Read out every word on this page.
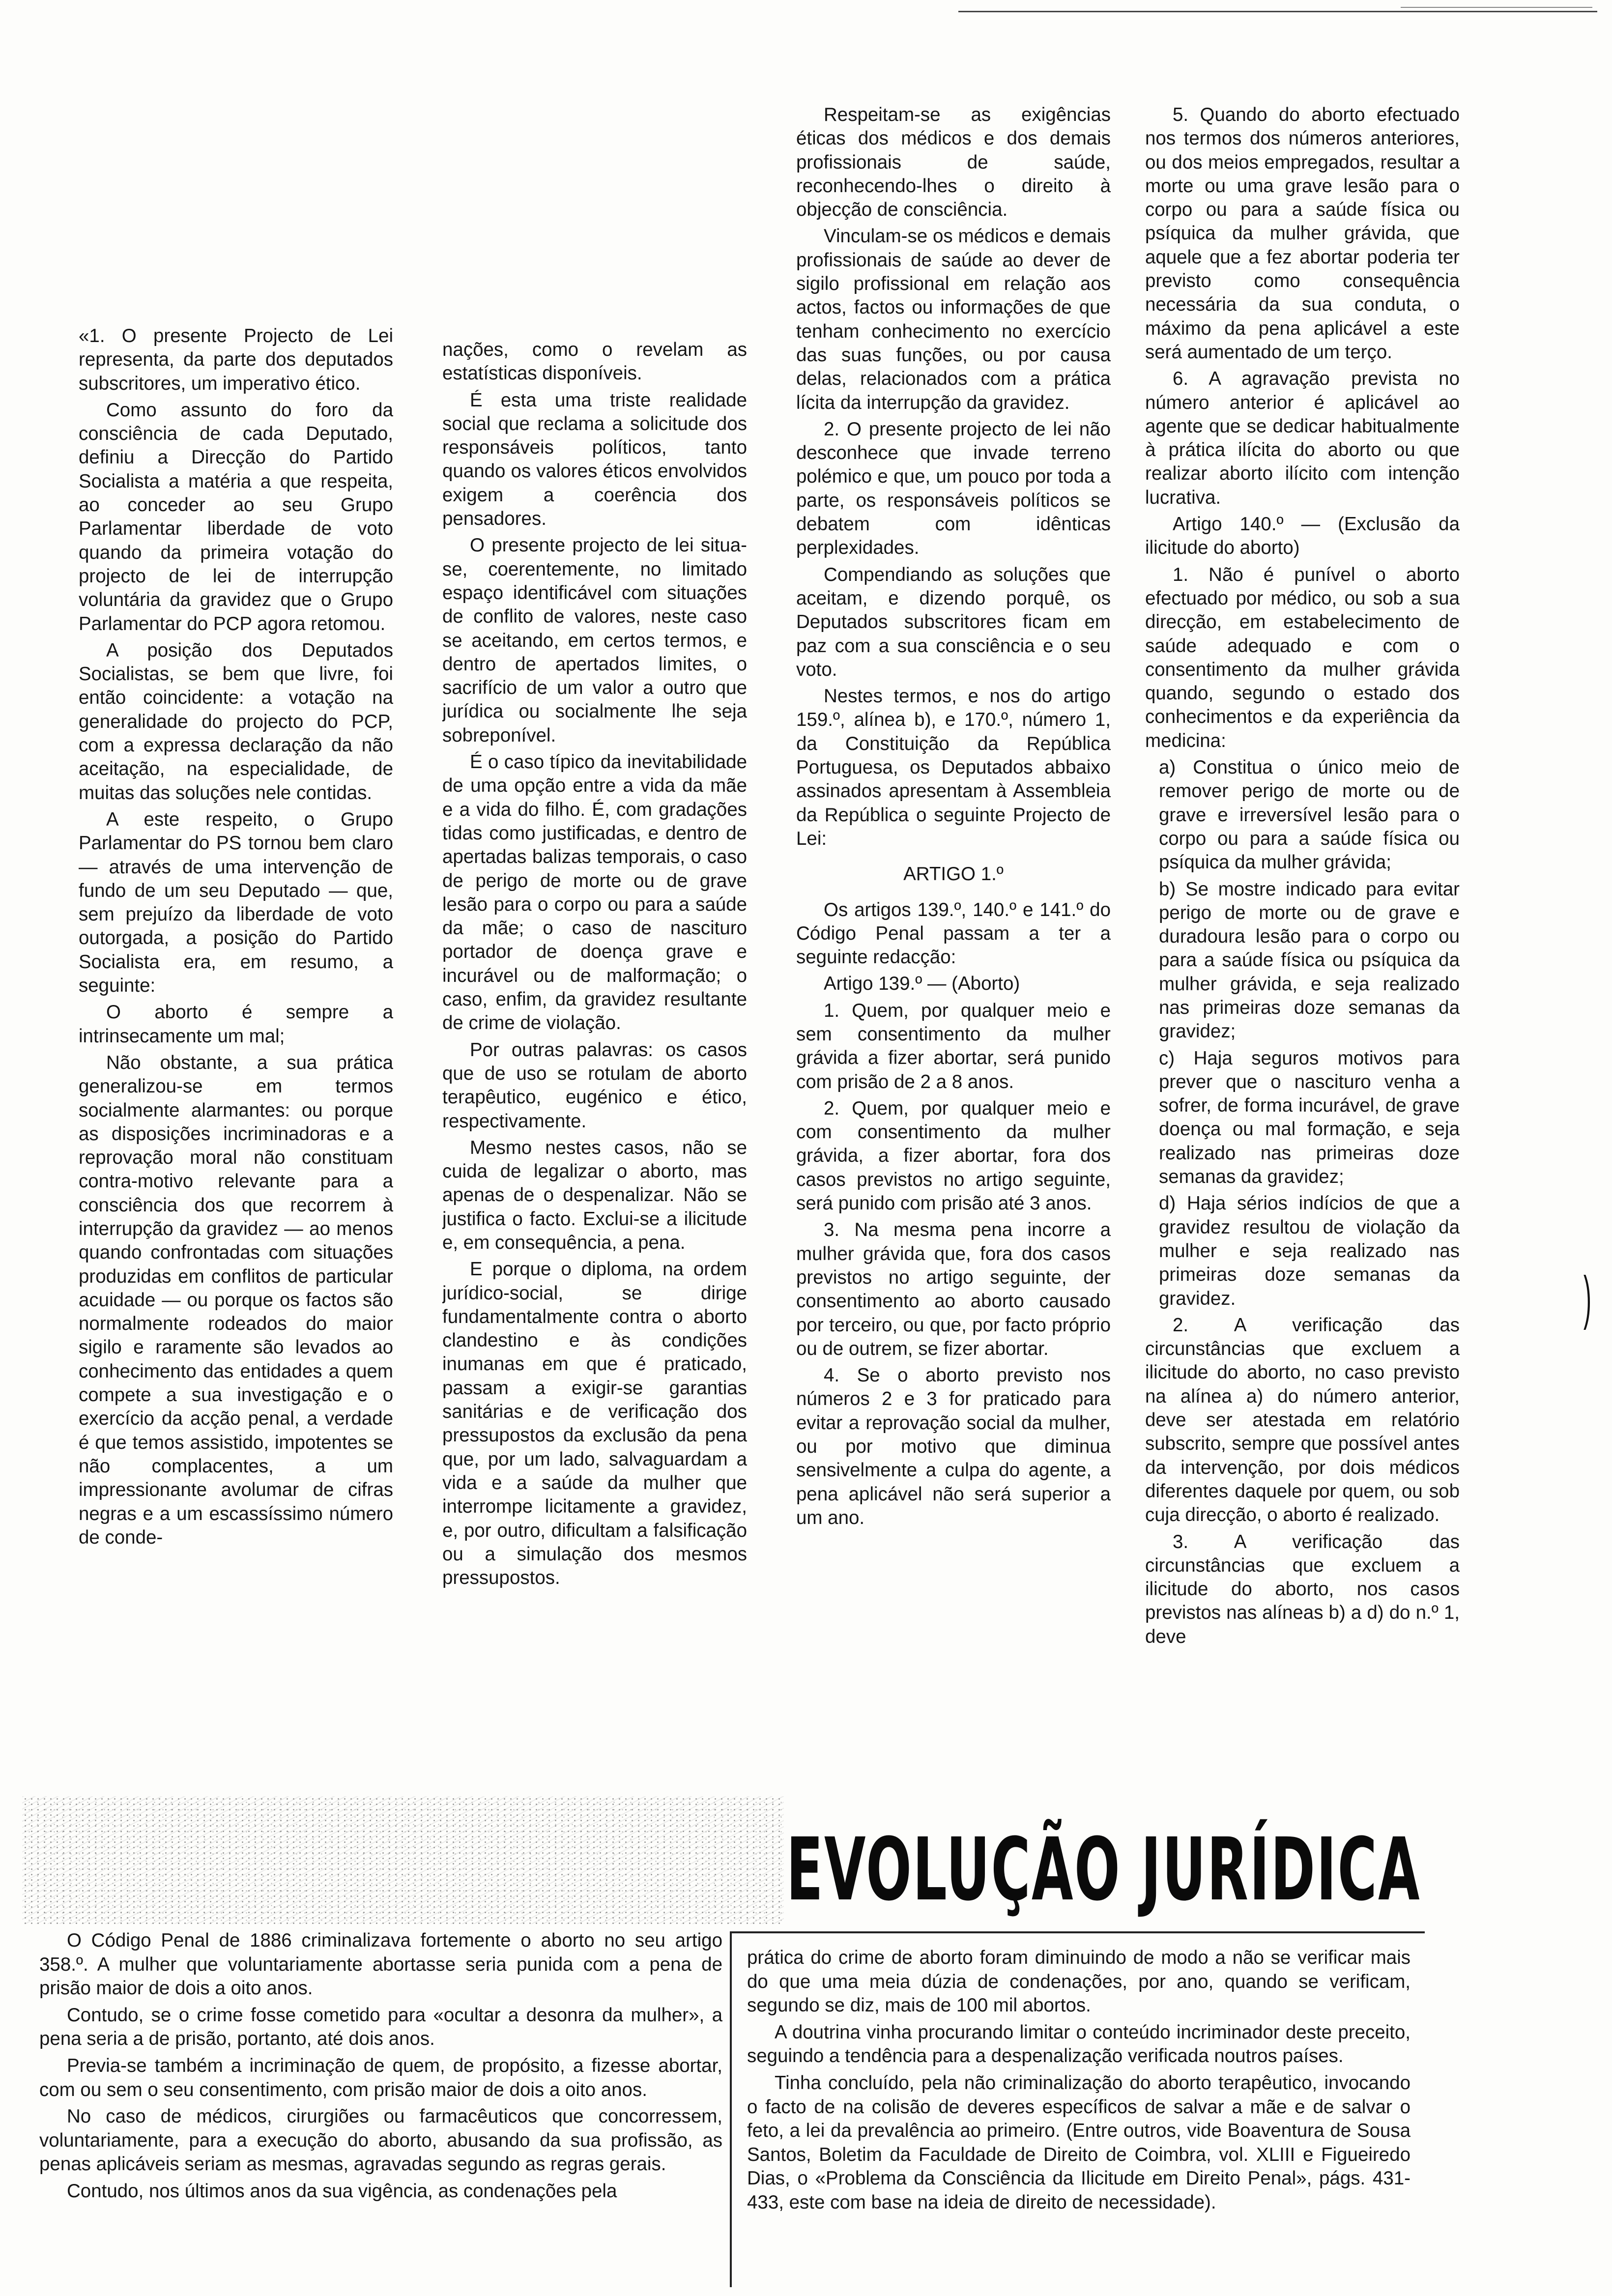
«1. O presente Projecto de Lei representa, da parte dos deputados subscritores, um imperativo ético.

Como assunto do foro da consciência de cada Deputado, definiu a Direcção do Partido Socialista a matéria a que respeita, ao conceder ao seu Grupo Parlamentar liberdade de voto quando da primeira votação do projecto de lei de interrupção voluntária da gravidez que o Grupo Parlamentar do PCP agora retomou.

A posição dos Deputados Socialistas, se bem que livre, foi então coincidente: a votação na generalidade do projecto do PCP, com a expressa declaração da não aceitação, na especialidade, de muitas das soluções nele contidas.

A este respeito, o Grupo Parlamentar do PS tornou bem claro — através de uma intervenção de fundo de um seu Deputado — que, sem prejuízo da liberdade de voto outorgada, a posição do Partido Socialista era, em resumo, a seguinte:

O aborto é sempre a intrinsecamente um mal;

Não obstante, a sua prática generalizou-se em termos socialmente alarmantes: ou porque as disposições incriminadoras e a reprovação moral não constituam contra-motivo relevante para a consciência dos que recorrem à interrupção da gravidez — ao menos quando confrontadas com situações produzidas em conflitos de particular acuidade — ou porque os factos são normalmente rodeados do maior sigilo e raramente são levados ao conhecimento das entidades a quem compete a sua investigação e o exercício da acção penal, a verdade é que temos assistido, impotentes se não complacentes, a um impressionante avolumar de cifras negras e a um escassíssimo número de conde-

nações, como o revelam as estatísticas disponíveis.

É esta uma triste realidade social que reclama a solicitude dos responsáveis políticos, tanto quando os valores éticos envolvidos exigem a coerência dos pensadores.

O presente projecto de lei situa-se, coerentemente, no limitado espaço identificável com situações de conflito de valores, neste caso se aceitando, em certos termos, e dentro de apertados limites, o sacrifício de um valor a outro que jurídica ou socialmente lhe seja sobreponível.

É o caso típico da inevitabilidade de uma opção entre a vida da mãe e a vida do filho. É, com gradações tidas como justificadas, e dentro de apertadas balizas temporais, o caso de perigo de morte ou de grave lesão para o corpo ou para a saúde da mãe; o caso de nascituro portador de doença grave e incurável ou de malformação; o caso, enfim, da gravidez resultante de crime de violação.

Por outras palavras: os casos que de uso se rotulam de aborto terapêutico, eugénico e ético, respectivamente.

Mesmo nestes casos, não se cuida de legalizar o aborto, mas apenas de o despenalizar. Não se justifica o facto. Exclui-se a ilicitude e, em consequência, a pena.

E porque o diploma, na ordem jurídico-social, se dirige fundamentalmente contra o aborto clandestino e às condições inumanas em que é praticado, passam a exigir-se garantias sanitárias e de verificação dos pressupostos da exclusão da pena que, por um lado, salvaguardam a vida e a saúde da mulher que interrompe licitamente a gravidez, e, por outro, dificultam a falsificação ou a simulação dos mesmos pressupostos.

Respeitam-se as exigências éticas dos médicos e dos demais profissionais de saúde, reconhecendo-lhes o direito à objecção de consciência.

Vinculam-se os médicos e demais profissionais de saúde ao dever de sigilo profissional em relação aos actos, factos ou informações de que tenham conhecimento no exercício das suas funções, ou por causa delas, relacionados com a prática lícita da interrupção da gravidez.

2. O presente projecto de lei não desconhece que invade terreno polémico e que, um pouco por toda a parte, os responsáveis políticos se debatem com idênticas perplexidades.

Compendiando as soluções que aceitam, e dizendo porquê, os Deputados subscritores ficam em paz com a sua consciência e o seu voto.

Nestes termos, e nos do artigo 159.º, alínea b), e 170.º, número 1, da Constituição da República Portuguesa, os Deputados abbaixo assinados apresentam à Assembleia da República o seguinte Projecto de Lei:

ARTIGO 1.º

Os artigos 139.º, 140.º e 141.º do Código Penal passam a ter a seguinte redacção:

Artigo 139.º — (Aborto)

1. Quem, por qualquer meio e sem consentimento da mulher grávida a fizer abortar, será punido com prisão de 2 a 8 anos.

2. Quem, por qualquer meio e com consentimento da mulher grávida, a fizer abortar, fora dos casos previstos no artigo seguinte, será punido com prisão até 3 anos.

3. Na mesma pena incorre a mulher grávida que, fora dos casos previstos no artigo seguinte, der consentimento ao aborto causado por terceiro, ou que, por facto próprio ou de outrem, se fizer abortar.

4. Se o aborto previsto nos números 2 e 3 for praticado para evitar a reprovação social da mulher, ou por motivo que diminua sensivelmente a culpa do agente, a pena aplicável não será superior a um ano.

5. Quando do aborto efectuado nos termos dos números anteriores, ou dos meios empregados, resultar a morte ou uma grave lesão para o corpo ou para a saúde física ou psíquica da mulher grávida, que aquele que a fez abortar poderia ter previsto como consequência necessária da sua conduta, o máximo da pena aplicável a este será aumentado de um terço.

6. A agravação prevista no número anterior é aplicável ao agente que se dedicar habitualmente à prática ilícita do aborto ou que realizar aborto ilícito com intenção lucrativa.

Artigo 140.º — (Exclusão da ilicitude do aborto)

1. Não é punível o aborto efectuado por médico, ou sob a sua direcção, em estabelecimento de saúde adequado e com o consentimento da mulher grávida quando, segundo o estado dos conhecimentos e da experiência da medicina:

a) Constitua o único meio de remover perigo de morte ou de grave e irreversível lesão para o corpo ou para a saúde física ou psíquica da mulher grávida;

b) Se mostre indicado para evitar perigo de morte ou de grave e duradoura lesão para o corpo ou para a saúde física ou psíquica da mulher grávida, e seja realizado nas primeiras doze semanas da gravidez;

c) Haja seguros motivos para prever que o nascituro venha a sofrer, de forma incurável, de grave doença ou mal formação, e seja realizado nas primeiras doze semanas da gravidez;

d) Haja sérios indícios de que a gravidez resultou de violação da mulher e seja realizado nas primeiras doze semanas da gravidez.

2. A verificação das circunstâncias que excluem a ilicitude do aborto, no caso previsto na alínea a) do número anterior, deve ser atestada em relatório subscrito, sempre que possível antes da intervenção, por dois médicos diferentes daquele por quem, ou sob cuja direcção, o aborto é realizado.

3. A verificação das circunstâncias que excluem a ilicitude do aborto, nos casos previstos nas alíneas b) a d) do n.º 1, deve

)
EVOLUÇÃO JURÍDICA

O Código Penal de 1886 criminalizava fortemente o aborto no seu artigo 358.º. A mulher que voluntariamente abortasse seria punida com a pena de prisão maior de dois a oito anos.

Contudo, se o crime fosse cometido para «ocultar a desonra da mulher», a pena seria a de prisão, portanto, até dois anos.

Previa-se também a incriminação de quem, de propósito, a fizesse abortar, com ou sem o seu consentimento, com prisão maior de dois a oito anos.

No caso de médicos, cirurgiões ou farmacêuticos que concorressem, voluntariamente, para a execução do aborto, abusando da sua profissão, as penas aplicáveis seriam as mesmas, agravadas segundo as regras gerais.

Contudo, nos últimos anos da sua vigência, as condenações pela

prática do crime de aborto foram diminuindo de modo a não se verificar mais do que uma meia dúzia de condenações, por ano, quando se verificam, segundo se diz, mais de 100 mil abortos.

A doutrina vinha procurando limitar o conteúdo incriminador deste preceito, seguindo a tendência para a despenalização verificada noutros países.

Tinha concluído, pela não criminalização do aborto terapêutico, invocando o facto de na colisão de deveres específicos de salvar a mãe e de salvar o feto, a lei da prevalência ao primeiro. (Entre outros, vide Boaventura de Sousa Santos, Boletim da Faculdade de Direito de Coimbra, vol. XLIII e Figueiredo Dias, o «Problema da Consciência da Ilicitude em Direito Penal», págs. 431-433, este com base na ideia de direito de necessidade).
